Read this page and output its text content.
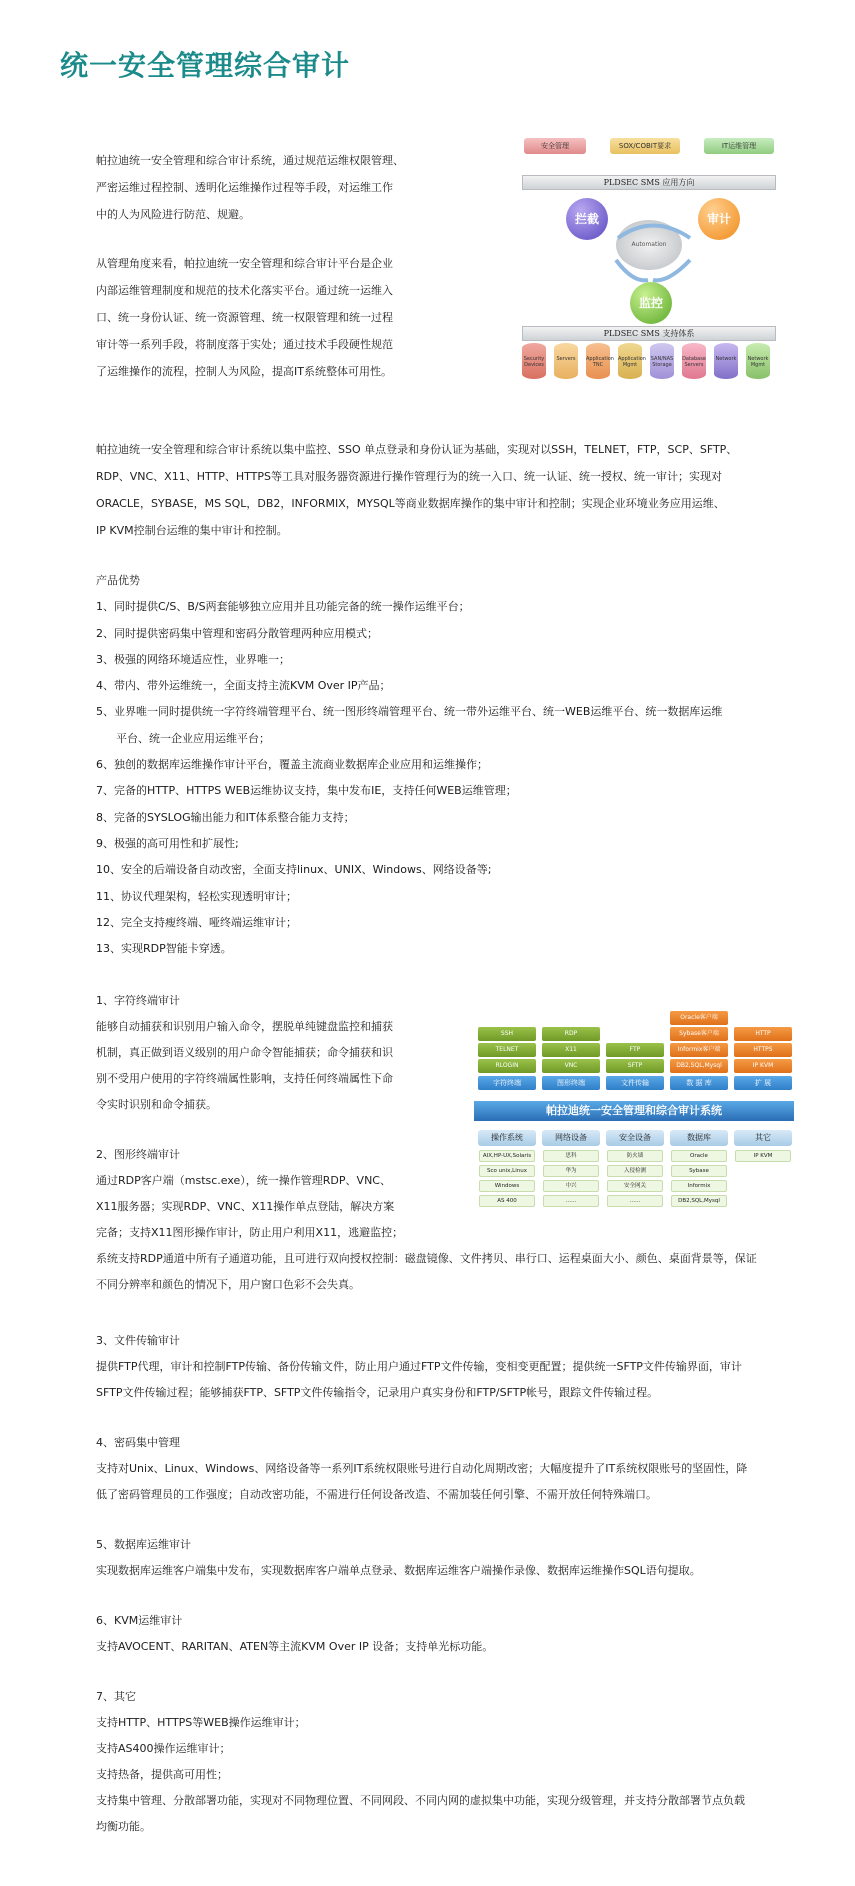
统一安全管理综合审计
帕拉迪统一安全管理和综合审计系统，通过规范运维权限管理、
严密运维过程控制、透明化运维操作过程等手段，对运维工作
中的人为风险进行防范、规避。
从管理角度来看，帕拉迪统一安全管理和综合审计平台是企业
内部运维管理制度和规范的技术化落实平台。通过统一运维入
口、统一身份认证、统一资源管理、统一权限管理和统一过程
审计等一系列手段，将制度落于实处；通过技术手段硬性规范
了运维操作的流程，控制人为风险，提高IT系统整体可用性。
安全管理	SOX/COBIT要求	IT运维管理
PLDSEC SMS 应用方向
拦截	审计
监控
Automation
PLDSEC SMS 支持体系
Security Devices
Servers	Application TNC
Application Mgmt
SAN/NAS Storage
Database Servers
Network	Network Mgmt
帕拉迪统一安全管理和综合审计系统以集中监控、SSO 单点登录和身份认证为基础，实现对以SSH，TELNET，FTP，SCP、SFTP、
RDP、VNC、X11、HTTP、HTTPS等工具对服务器资源进行操作管理行为的统一入口、统一认证、统一授权、统一审计；实现对
ORACLE，SYBASE，MS SQL，DB2，INFORMIX，MYSQL等商业数据库操作的集中审计和控制；实现企业环境业务应用运维、
IP KVM控制台运维的集中审计和控制。
产品优势
1、同时提供C/S、B/S两套能够独立应用并且功能完备的统一操作运维平台；
2、同时提供密码集中管理和密码分散管理两种应用模式；
3、极强的网络环境适应性，业界唯一；
4、带内、带外运维统一，全面支持主流KVM Over IP产品；
5、业界唯一同时提供统一字符终端管理平台、统一图形终端管理平台、统一带外运维平台、统一WEB运维平台、统一数据库运维
平台、统一企业应用运维平台；
6、独创的数据库运维操作审计平台，覆盖主流商业数据库企业应用和运维操作；
7、完备的HTTP、HTTPS WEB运维协议支持，集中发布IE，支持任何WEB运维管理；
8、完备的SYSLOG输出能力和IT体系整合能力支持；
9、极强的高可用性和扩展性;
10、安全的后端设备自动改密，全面支持linux、UNIX、Windows、网络设备等;
11、协议代理架构，轻松实现透明审计；
12、完全支持瘦终端、哑终端运维审计；
13、实现RDP智能卡穿透。
1、字符终端审计
能够自动捕获和识别用户输入命令，摆脱单纯键盘监控和捕获
机制，真正做到语义级别的用户命令智能捕获；命令捕获和识
别不受用户使用的字符终端属性影响，支持任何终端属性下命
令实时识别和命令捕获。
2、图形终端审计
通过RDP客户端（mstsc.exe），统一操作管理RDP、VNC、
X11服务器；实现RDP、VNC、X11操作单点登陆，解决方案
完备；支持X11图形操作审计，防止用户利用X11，逃避监控；
系统支持RDP通道中所有子通道功能，且可进行双向授权控制：磁盘镜像、文件拷贝、串行口、运程桌面大小、颜色、桌面背景等，保证
不同分辨率和颜色的情况下，用户窗口色彩不会失真。
SSH
TELNET
RLOGIN
RDP
X11
VNC
FTP
SFTP
Oracle客户端
Sybase客户端
Informix客户端
DB2,SQL,Mysql
HTTP
HTTPS
IP KVM
字符终端	图形终端	文件传输	数 据 库	扩 展
帕拉迪统一安全管理和综合审计系统
操作系统	网络设备	安全设备	数据库	其它
AIX,HP-UX,Solaris
Sco unix,Linux
Windows
AS 400
思科
华为
中兴
……
防火墙
入侵检测
安全网关
……
Oracle
Sybase
Informix
DB2,SQL,Mysql
IP KVM
3、文件传输审计
提供FTP代理，审计和控制FTP传输、备份传输文件，防止用户通过FTP文件传输，变相变更配置；提供统一SFTP文件传输界面，审计
SFTP文件传输过程；能够捕获FTP、SFTP文件传输指令，记录用户真实身份和FTP/SFTP帐号，跟踪文件传输过程。
4、密码集中管理
支持对Unix、Linux、Windows、网络设备等一系列IT系统权限账号进行自动化周期改密；大幅度提升了IT系统权限账号的坚固性，降
低了密码管理员的工作强度；自动改密功能，不需进行任何设备改造、不需加装任何引擎、不需开放任何特殊端口。
5、数据库运维审计
实现数据库运维客户端集中发布，实现数据库客户端单点登录、数据库运维客户端操作录像、数据库运维操作SQL语句提取。
6、KVM运维审计
支持AVOCENT、RARITAN、ATEN等主流KVM Over IP 设备；支持单光标功能。
7、其它
支持HTTP、HTTPS等WEB操作运维审计；
支持AS400操作运维审计；
支持热备，提供高可用性；
支持集中管理、分散部署功能，实现对不同物理位置、不同网段、不同内网的虚拟集中功能，实现分级管理，并支持分散部署节点负载
均衡功能。
